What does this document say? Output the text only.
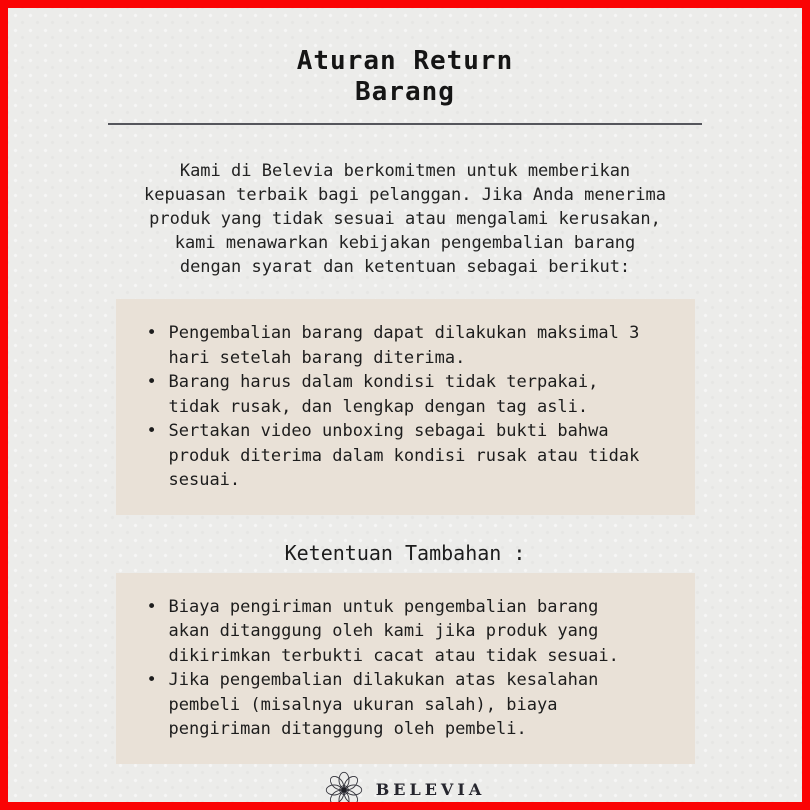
Aturan Return
Barang

Kami di Belevia berkomitmen untuk memberikan kepuasan terbaik bagi pelanggan. Jika Anda menerima produk yang tidak sesuai atau mengalami kerusakan, kami menawarkan kebijakan pengembalian barang dengan syarat dan ketentuan sebagai berikut:

• Pengembalian barang dapat dilakukan maksimal 3 hari setelah barang diterima.
• Barang harus dalam kondisi tidak terpakai, tidak rusak, dan lengkap dengan tag asli.
• Sertakan video unboxing sebagai bukti bahwa produk diterima dalam kondisi rusak atau tidak sesuai.
Ketentuan Tambahan :
• Biaya pengiriman untuk pengembalian barang akan ditanggung oleh kami jika produk yang dikirimkan terbukti cacat atau tidak sesuai.
• Jika pengembalian dilakukan atas kesalahan pembeli (misalnya ukuran salah), biaya pengiriman ditanggung oleh pembeli.
BELEVIA
